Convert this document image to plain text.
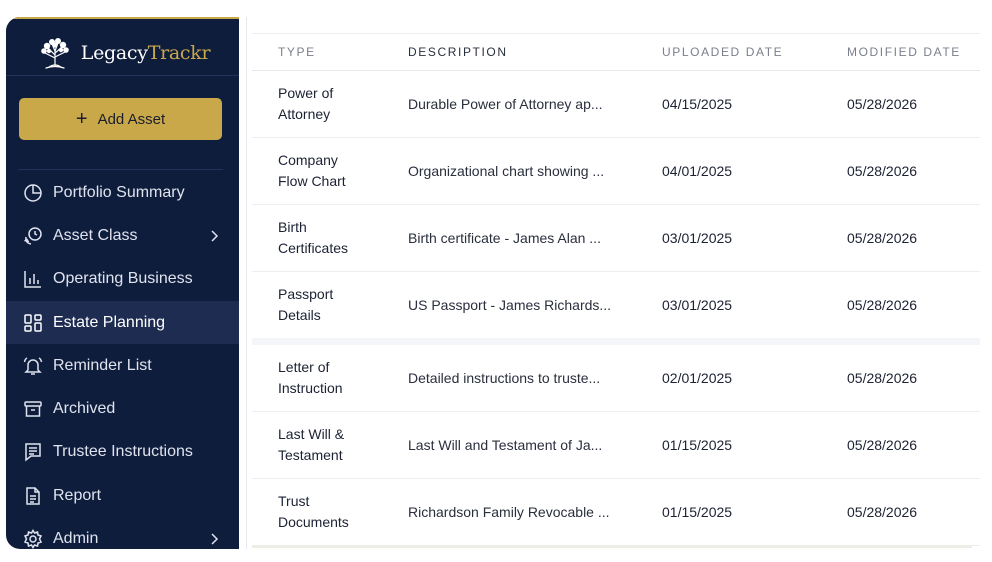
LegacyTrackr
+ Add Asset
Portfolio Summary
Asset Class
Operating Business
Estate Planning
Reminder List
Archived
Trustee Instructions
Report
Admin
TYPE	DESCRIPTION	UPLOADED DATE	MODIFIED DATE
Power of
Attorney	Durable Power of Attorney ap...	04/15/2025	05/28/2026
Company
Flow Chart	Organizational chart showing ...	04/01/2025	05/28/2026
Birth
Certificates	Birth certificate - James Alan ...	03/01/2025	05/28/2026
Passport
Details	US Passport - James Richards...	03/01/2025	05/28/2026
Letter of
Instruction	Detailed instructions to truste...	02/01/2025	05/28/2026
Last Will &
Testament	Last Will and Testament of Ja...	01/15/2025	05/28/2026
Trust
Documents	Richardson Family Revocable ...	01/15/2025	05/28/2026
